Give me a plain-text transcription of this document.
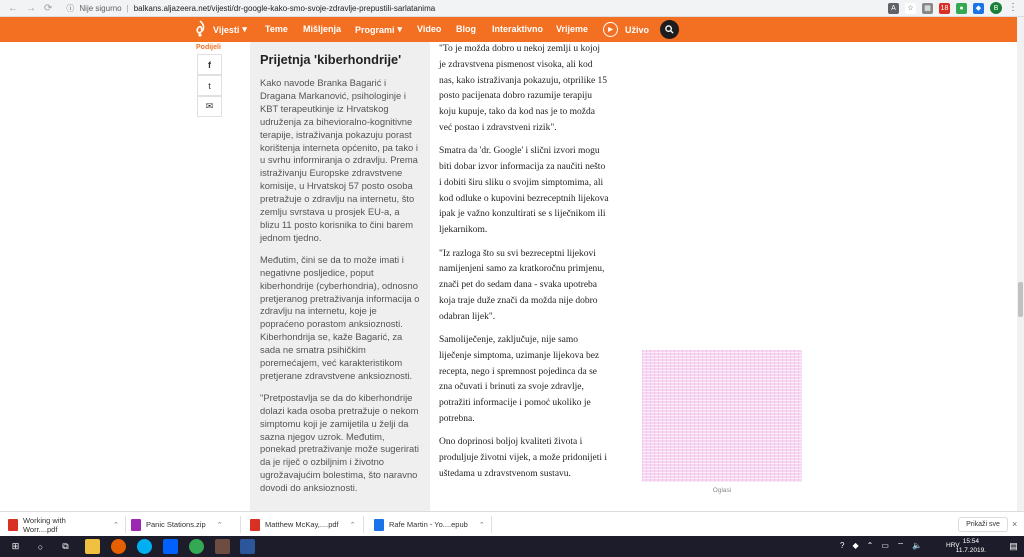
← → ⟳ ⓘ Nije sigurno | balkans.aljazeera.net/vijesti/dr-google-kako-smo-svoje-zdravlje-prepustili-sarlatanima	A	☆	▦	18	●	◆	B ⋮
Vijesti ▾ Teme Mišljenja Programi ▾ Video Blog Interaktivno Vrijeme	▶	Uživo
Podijeli
f
t
✉
Prijetnja 'kiberhondrije'

Kako navode Branka Bagarić i Dragana Markanović, psihologinje i KBT terapeutkinje iz Hrvatskog udruženja za bihevioralno-kognitivne terapije, istraživanja pokazuju porast korištenja interneta općenito, pa tako i u svrhu informiranja o zdravlju. Prema istraživanju Europske zdravstvene komisije, u Hrvatskoj 57 posto osoba pretražuje o zdravlju na internetu, što zemlju svrstava u prosjek EU-a, a blizu 11 posto korisnika to čini barem jednom tjedno.

Međutim, čini se da to može imati i negativne posljedice, poput kiberhondrije (cyberhondria), odnosno pretjeranog pretraživanja informacija o zdravlju na internetu, koje je popraćeno porastom anksioznosti. Kiberhondrija se, kaže Bagarić, za sada ne smatra psihičkim poremećajem, već karakteristikom pretjerane zdravstvene anksioznosti.

"Pretpostavlja se da do kiberhondrije dolazi kada osoba pretražuje o nekom simptomu koji je zamijetila u želji da sazna njegov uzrok. Međutim, ponekad pretraživanje može sugerirati da je riječ o ozbiljnim i životno ugrožavajućim bolestima, što naravno dovodi do anksioznosti.

"To je možda dobro u nekoj zemlji u kojoj je zdravstvena pismenost visoka, ali kod nas, kako istraživanja pokazuju, otprilike 15 posto pacijenata dobro razumije terapiju koju kupuje, tako da kod nas je to možda već postao i zdravstveni rizik".

Smatra da 'dr. Google' i slični izvori mogu biti dobar izvor informacija za naučiti nešto i dobiti širu sliku o svojim simptomima, ali kod odluke o kupovini bezreceptnih lijekova ipak je važno konzultirati se s liječnikom ili ljekarnikom.

"Iz razloga što su svi bezreceptni lijekovi namijenjeni samo za kratkoročnu primjenu, znači pet do sedam dana - svaka upotreba koja traje duže znači da možda nije dobro odabran lijek".

Samoliječenje, zaključuje, nije samo liječenje simptoma, uzimanje lijekova bez recepta, nego i spremnost pojedinca da se zna očuvati i brinuti za svoje zdravlje, potražiti informacije i pomoć ukoliko je potrebna.

Ono doprinosi boljoj kvaliteti života i produljuje životni vijek, a može pridonijeti i uštedama u zdravstvenom sustavu.

Oglasi
Working with Worr....pdf	⌃	Panic Stations.zip ⌃	Matthew McKay,....pdf ⌃	Rafe Martin - Yo....epub ⌃	Prikaži sve	×
⊞	○	⧉	? ◆ ⌃ ▭ ⌔ 🔈	HRV
15:54
11.7.2019.	▤
